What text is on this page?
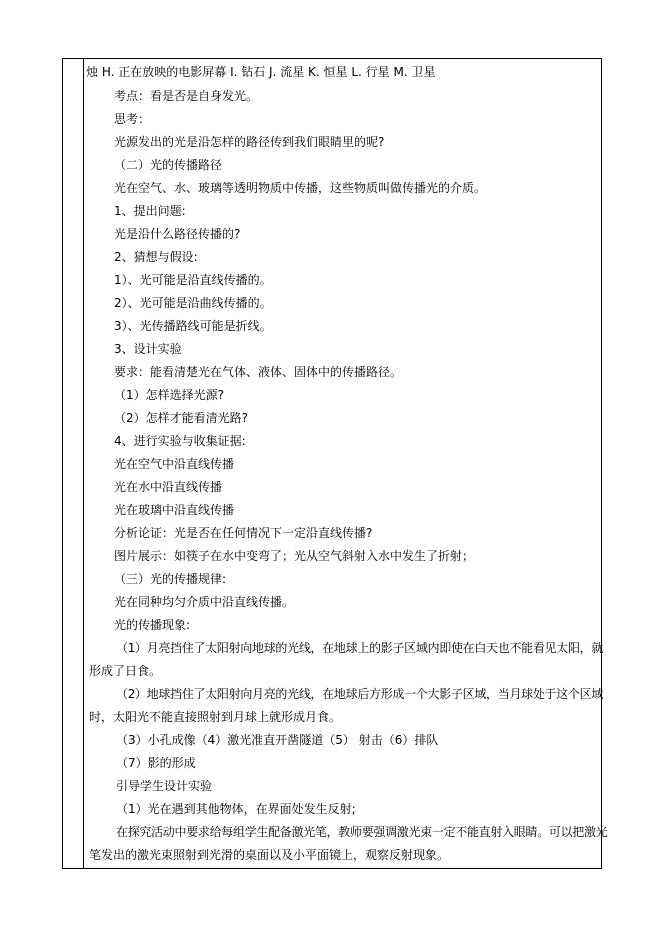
烛 H. 正在放映的电影屏幕 I. 钻石 J. 流星 K. 恒星 L. 行星 M. 卫星
考点：看是否是自身发光。
思考：
光源发出的光是沿怎样的路径传到我们眼睛里的呢?
（二）光的传播路径
光在空气、水、玻璃等透明物质中传播，这些物质叫做传播光的介质。
1、提出问题:
光是沿什么路径传播的?
2、猜想与假设:
1）、光可能是沿直线传播的。
2）、光可能是沿曲线传播的。
3）、光传播路线可能是折线。
3、设计实验
要求：能看清楚光在气体、液体、固体中的传播路径。
（1）怎样选择光源?
（2）怎样才能看清光路?
4、进行实验与收集证据:
光在空气中沿直线传播
光在水中沿直线传播
光在玻璃中沿直线传播
分析论证：光是否在任何情况下一定沿直线传播?
图片展示：如筷子在水中变弯了；光从空气斜射入水中发生了折射；
（三）光的传播规律:
光在同种均匀介质中沿直线传播。
光的传播现象:
（1）月亮挡住了太阳射向地球的光线，在地球上的影子区域内即使在白天也不能看见太阳，就
形成了日食。
（2）地球挡住了太阳射向月亮的光线，在地球后方形成一个大影子区域，当月球处于这个区域
时，太阳光不能直接照射到月球上就形成月食。
（3）小孔成像（4）激光准直开凿隧道（5） 射击（6）排队
（7）影的形成
引导学生设计实验
（1）光在遇到其他物体，在界面处发生反射;
在探究活动中要求给每组学生配备激光笔，教师要强调激光束一定不能直射入眼睛。可以把激光
笔发出的激光束照射到光滑的桌面以及小平面镜上，观察反射现象。
